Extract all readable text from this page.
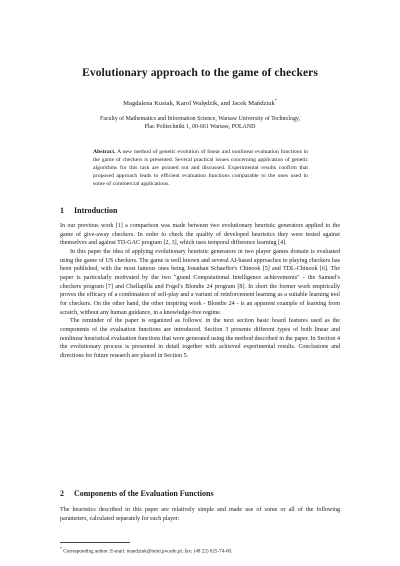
Evolutionary approach to the game of checkers
Magdalena Kusiak, Karol Walędzik, and Jacek Mańdziuk*
Faculty of Mathematics and Information Science, Warsaw University of Technology,
Plac Politechniki 1, 00-661 Warsaw, POLAND
Abstract. A new method of genetic evolution of linear and nonlinear evaluation functions in the game of checkers is presented. Several practical issues concerning application of genetic algorithms for this task are pointed out and discussed. Experimental results confirm that proposed approach leads to efficient evaluation functions comparable to the ones used in some of commercial applications.
1 Introduction

In our previous work [1] a comparison was made between two evolutionary heuristic generators applied to the game of give-away checkers. In order to check the quality of developed heuristics they were tested against themselves and against TD-GAC program [2, 3], which uses temporal difference learning [4].

In this paper the idea of applying evolutionary heuristic generators in two player games domain is evaluated using the game of US checkers. The game is well known and several AI-based approaches to playing checkers has been published, with the most famous ones being Jonathan Schaeffer's Chinook [5] and TDL-Chinook [6]. The paper is particularly motivated by the two "grand Computational Intelligence achievements" - the Samuel's checkers program [7] and Chellapilla and Fogel's Blondie 24 program [8]. In short the former work empirically proves the efficacy of a combination of self-play and a variant of reinforcement learning as a suitable learning tool for checkers. On the other hand, the other inspiring work - Blondie 24 - is an apparent example of learning from scratch, without any human guidance, in a knowledge-free regime.

The reminder of the paper is organized as follows: in the next section basic board features used as the components of the evaluation functions are introduced. Section 3 presents different types of both linear and nonlinear heuristical evaluation functions that were generated using the method described in the paper. In Section 4 the evolutionary process is presented in detail together with achieved experimental results. Conclusions and directions for future research are placed in Section 5.

2 Components of the Evaluation Functions

The heuristics described in this paper are relatively simple and made use of some or all of the following parameters, calculated separately for each player:

* Corresponding author. E-mail: mandziuk@mini.pw.edu.pl; fax: (48 22) 625-74-60.
